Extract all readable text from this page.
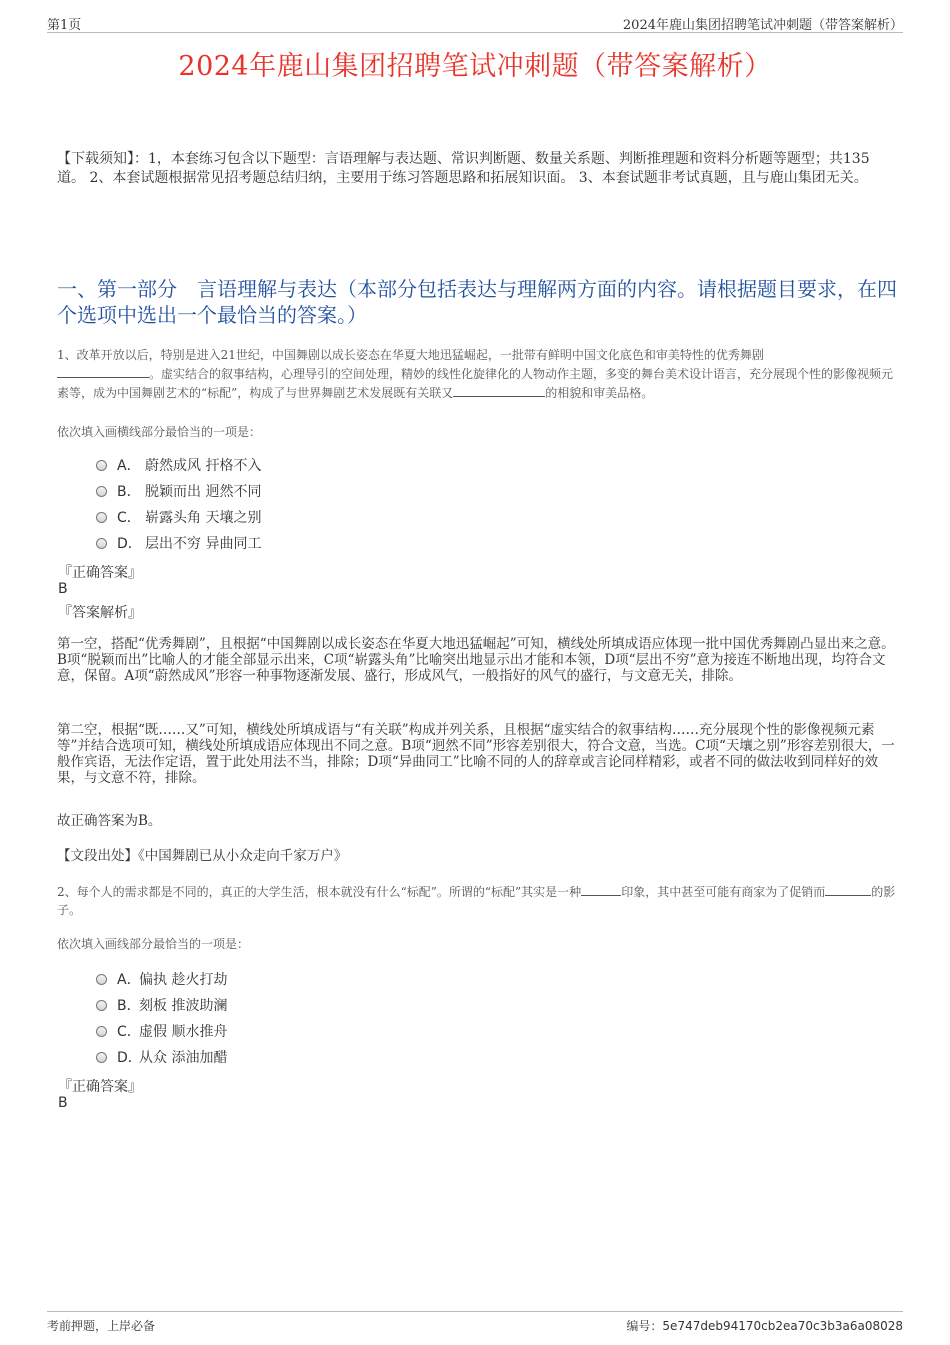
第1页	2024年鹿山集团招聘笔试冲刺题（带答案解析）
2024年鹿山集团招聘笔试冲刺题（带答案解析）
【下载须知】：1，本套练习包含以下题型：言语理解与表达题、常识判断题、数量关系题、判断推理题和资料分析题等题型；共135道。 2、本套试题根据常见招考题总结归纳，主要用于练习答题思路和拓展知识面。 3、本套试题非考试真题，且与鹿山集团无关。
一、第一部分　言语理解与表达（本部分包括表达与理解两方面的内容。请根据题目要求，在四个选项中选出一个最恰当的答案。）
1、改革开放以后，特别是进入21世纪，中国舞剧以成长姿态在华夏大地迅猛崛起，一批带有鲜明中国文化底色和审美特性的优秀舞剧
。虚实结合的叙事结构，心理导引的空间处理，精妙的线性化旋律化的人物动作主题，多变的舞台美术设计语言，充分展现个性的影像视频元素等，成为中国舞剧艺术的“标配”，构成了与世界舞剧艺术发展既有关联又	的相貌和审美品格。
依次填入画横线部分最恰当的一项是：
A． 蔚然成风 扞格不入
B． 脱颖而出 迥然不同
C． 崭露头角 天壤之别
D． 层出不穷 异曲同工
『正确答案』
B
『答案解析』
第一空，搭配“优秀舞剧”，且根据“中国舞剧以成长姿态在华夏大地迅猛崛起”可知，横线处所填成语应体现一批中国优秀舞剧凸显出来之意。B项“脱颖而出”比喻人的才能全部显示出来，C项“崭露头角”比喻突出地显示出才能和本领，D项“层出不穷”意为接连不断地出现，均符合文意，保留。A项“蔚然成风”形容一种事物逐渐发展、盛行，形成风气，一般指好的风气的盛行，与文意无关，排除。
第二空，根据“既……又”可知，横线处所填成语与“有关联”构成并列关系，且根据“虚实结合的叙事结构……充分展现个性的影像视频元素等”并结合选项可知，横线处所填成语应体现出不同之意。B项“迥然不同”形容差别很大，符合文意，当选。C项“天壤之别”形容差别很大，一般作宾语，无法作定语，置于此处用法不当，排除；D项“异曲同工”比喻不同的人的辞章或言论同样精彩，或者不同的做法收到同样好的效果，与文意不符，排除。
故正确答案为B。
【文段出处】《中国舞剧已从小众走向千家万户》
2、每个人的需求都是不同的，真正的大学生活，根本就没有什么“标配”。所谓的“标配”其实是一种	印象，其中甚至可能有商家为了促销而	的影子。
依次填入画线部分最恰当的一项是：
A．
偏执 趁火打劫
B．
刻板 推波助澜
C．
虚假 顺水推舟
D．
从众 添油加醋
『正确答案』
B
考前押题，上岸必备	编号：5e747deb94170cb2ea70c3b3a6a08028
